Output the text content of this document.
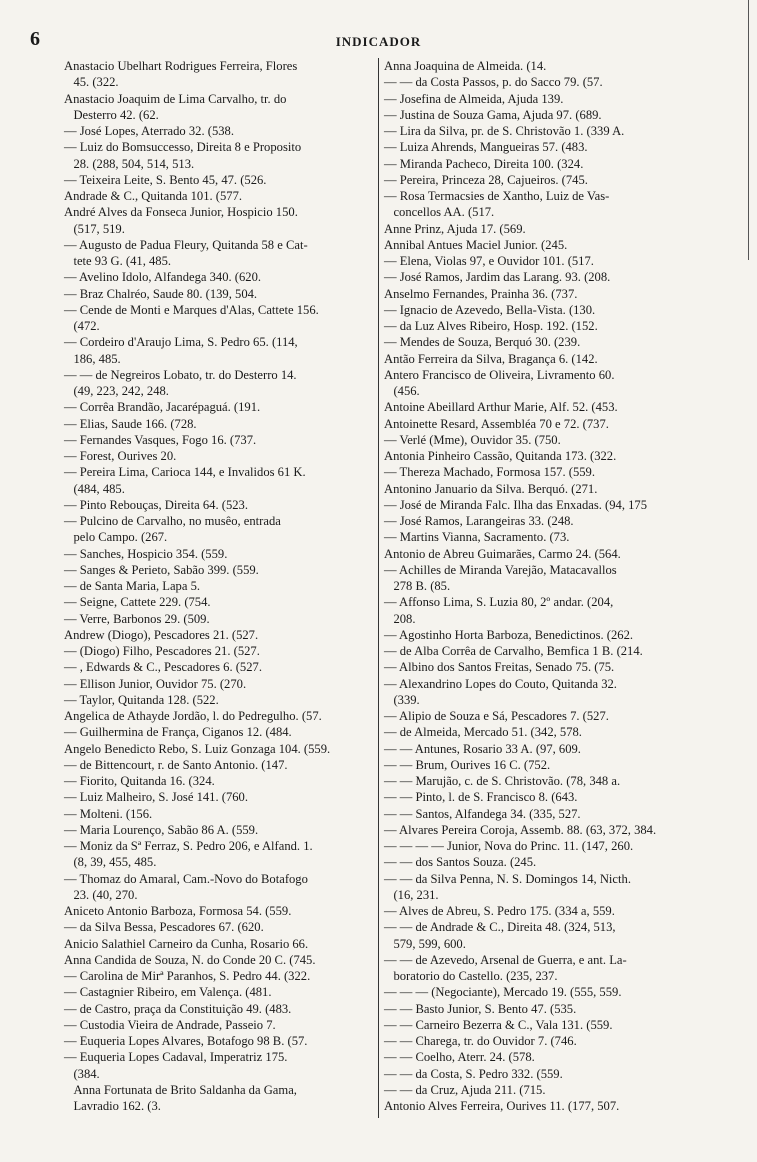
6	INDICADOR
Anastacio Ubelhart Rodrigues Ferreira, Flores
45. (322.
Anastacio Joaquim de Lima Carvalho, tr. do
Desterro 42. (62.
— José Lopes, Aterrado 32. (538.
— Luiz do Bomsuccesso, Direita 8 e Proposito
28. (288, 504, 514, 513.
— Teixeira Leite, S. Bento 45, 47. (526.
Andrade & C., Quitanda 101. (577.
André Alves da Fonseca Junior, Hospicio 150.
(517, 519.
— Augusto de Padua Fleury, Quitanda 58 e Cat-
tete 93 G. (41, 485.
— Avelino Idolo, Alfandega 340. (620.
— Braz Chalréo, Saude 80. (139, 504.
— Cende de Monti e Marques d'Alas, Cattete 156.
(472.
— Cordeiro d'Araujo Lima, S. Pedro 65. (114,
186, 485.
— — de Negreiros Lobato, tr. do Desterro 14.
(49, 223, 242, 248.
— Corrêa Brandão, Jacarépaguá. (191.
— Elias, Saude 166. (728.
— Fernandes Vasques, Fogo 16. (737.
— Forest, Ourives 20.
— Pereira Lima, Carioca 144, e Invalidos 61 K.
(484, 485.
— Pinto Rebouças, Direita 64. (523.
— Pulcino de Carvalho, no musêo, entrada
pelo Campo. (267.
— Sanches, Hospicio 354. (559.
— Sanges & Perieto, Sabão 399. (559.
— de Santa Maria, Lapa 5.
— Seigne, Cattete 229. (754.
— Verre, Barbonos 29. (509.
Andrew (Diogo), Pescadores 21. (527.
— (Diogo) Filho, Pescadores 21. (527.
— , Edwards & C., Pescadores 6. (527.
— Ellison Junior, Ouvidor 75. (270.
— Taylor, Quitanda 128. (522.
Angelica de Athayde Jordão, l. do Pedregulho. (57.
— Guilhermina de França, Ciganos 12. (484.
Angelo Benedicto Rebo, S. Luiz Gonzaga 104. (559.
— de Bittencourt, r. de Santo Antonio. (147.
— Fiorito, Quitanda 16. (324.
— Luiz Malheiro, S. José 141. (760.
— Molteni. (156.
— Maria Lourenço, Sabão 86 A. (559.
— Moniz da Sª Ferraz, S. Pedro 206, e Alfand. 1.
(8, 39, 455, 485.
— Thomaz do Amaral, Cam.-Novo do Botafogo
23. (40, 270.
Aniceto Antonio Barboza, Formosa 54. (559.
— da Silva Bessa, Pescadores 67. (620.
Anicio Salathiel Carneiro da Cunha, Rosario 66.
Anna Candida de Souza, N. do Conde 20 C. (745.
— Carolina de Mirª Paranhos, S. Pedro 44. (322.
— Castagnier Ribeiro, em Valença. (481.
— de Castro, praça da Constituição 49. (483.
— Custodia Vieira de Andrade, Passeio 7.
— Euqueria Lopes Alvares, Botafogo 98 B. (57.
— Euqueria Lopes Cadaval, Imperatriz 175.
(384.
Anna Fortunata de Brito Saldanha da Gama,
Lavradio 162. (3.
Anna Joaquina de Almeida. (14.
— — da Costa Passos, p. do Sacco 79. (57.
— Josefina de Almeida, Ajuda 139.
— Justina de Souza Gama, Ajuda 97. (689.
— Lira da Silva, pr. de S. Christovão 1. (339 A.
— Luiza Ahrends, Mangueiras 57. (483.
— Miranda Pacheco, Direita 100. (324.
— Pereira, Princeza 28, Cajueiros. (745.
— Rosa Termacsies de Xantho, Luiz de Vas-
concellos AA. (517.
Anne Prinz, Ajuda 17. (569.
Annibal Antues Maciel Junior. (245.
— Elena, Violas 97, e Ouvidor 101. (517.
— José Ramos, Jardim das Larang. 93. (208.
Anselmo Fernandes, Prainha 36. (737.
— Ignacio de Azevedo, Bella-Vista. (130.
— da Luz Alves Ribeiro, Hosp. 192. (152.
— Mendes de Souza, Berquó 30. (239.
Antão Ferreira da Silva, Bragança 6. (142.
Antero Francisco de Oliveira, Livramento 60.
(456.
Antoine Abeillard Arthur Marie, Alf. 52. (453.
Antoinette Resard, Assembléa 70 e 72. (737.
— Verlé (Mme), Ouvidor 35. (750.
Antonia Pinheiro Cassão, Quitanda 173. (322.
— Thereza Machado, Formosa 157. (559.
Antonino Januario da Silva. Berquó. (271.
— José de Miranda Falc. Ilha das Enxadas. (94, 175
— José Ramos, Larangeiras 33. (248.
— Martins Vianna, Sacramento. (73.
Antonio de Abreu Guimarães, Carmo 24. (564.
— Achilles de Miranda Varejão, Matacavallos
278 B. (85.
— Affonso Lima, S. Luzia 80, 2º andar. (204,
208.
— Agostinho Horta Barboza, Benedictinos. (262.
— de Alba Corrêa de Carvalho, Bemfica 1 B. (214.
— Albino dos Santos Freitas, Senado 75. (75.
— Alexandrino Lopes do Couto, Quitanda 32.
(339.
— Alipio de Souza e Sá, Pescadores 7. (527.
— de Almeida, Mercado 51. (342, 578.
— — Antunes, Rosario 33 A. (97, 609.
— — Brum, Ourives 16 C. (752.
— — Marujão, c. de S. Christovão. (78, 348 a.
— — Pinto, l. de S. Francisco 8. (643.
— — Santos, Alfandega 34. (335, 527.
— Alvares Pereira Coroja, Assemb. 88. (63, 372, 384.
— — — — Junior, Nova do Princ. 11. (147, 260.
— — dos Santos Souza. (245.
— — da Silva Penna, N. S. Domingos 14, Nicth.
(16, 231.
— Alves de Abreu, S. Pedro 175. (334 a, 559.
— — de Andrade & C., Direita 48. (324, 513,
579, 599, 600.
— — de Azevedo, Arsenal de Guerra, e ant. La-
boratorio do Castello. (235, 237.
— — — (Negociante), Mercado 19. (555, 559.
— — Basto Junior, S. Bento 47. (535.
— — Carneiro Bezerra & C., Vala 131. (559.
— — Charega, tr. do Ouvidor 7. (746.
— — Coelho, Aterr. 24. (578.
— — da Costa, S. Pedro 332. (559.
— — da Cruz, Ajuda 211. (715.
Antonio Alves Ferreira, Ourives 11. (177, 507.
